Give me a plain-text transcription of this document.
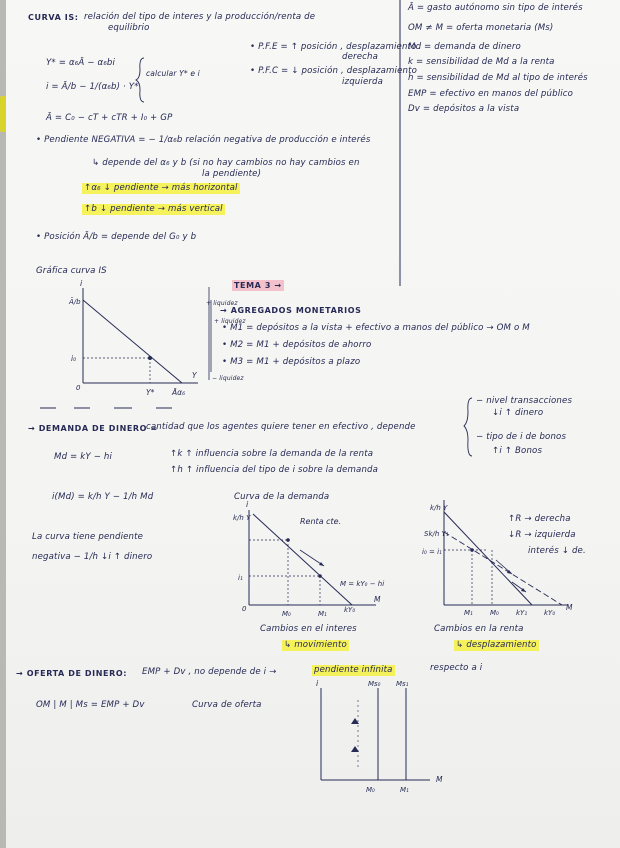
CURVA IS: relación del tipo de interes y la producción/renta de
equilibrio
Y* = α₆Ā − α₆bi
i = Ā/b − 1/(α₆b) · Y*
calcular Y* e i
• P.F.E = ↑ posición , desplazamiento
derecha
• P.F.C = ↓ posición , desplazamiento
izquierda
Ā = C₀ − cT + cTR + I₀ + GP
• Pendiente NEGATIVA = − 1/α₆b relación negativa de producción e interés
↳ depende del α₆ y b (si no hay cambios no hay cambios en
la pendiente)
↑α₆ ↓ pendiente → más horizontal
↑b ↓ pendiente → más vertical
• Posición Ā/b = depende del G₀ y b
Gráfica curva IS
i
Ā/b
i₀
0	Y* Āα₆
Y
Ā = gasto autónomo sin tipo de interés
OM ≠ M = oferta monetaria (Ms)
Md = demanda de dinero
k = sensibilidad de Md a la renta
h = sensibilidad de Md al tipo de interés
EMP = efectivo en manos del público
Dv = depósitos a la vista
TEMA 3 →
→ AGREGADOS MONETARIOS
+ liquidez
+ liquidez
• M1 = depósitos a la vista + efectivo a manos del público → OM o M
• M2 = M1 + depósitos de ahorro
• M3 = M1 + depósitos a plazo
− liquidez
→ DEMANDA DE DINERO =
cantidad que los agentes quiere tener en efectivo , depende
− nivel transacciones
↓i ↑ dinero
− tipo de i de bonos
↑i ↑ Bonos
Md = kY − hi	↑k ↑ influencia sobre la demanda de la renta
↑h ↑ influencia del tipo de i sobre la demanda
i(Md) = k/h Y − 1/h Md
La curva tiene pendiente
negativa − 1/h ↓i ↑ dinero
Curva de la demanda
i
k/h Y
i₁
0
M₀	M₁ kY₀
M
M = kY₀ − hi
Renta cte.
Cambios en el interes
↳ movimiento
k/h Y
Sk/h Y₁
i₀ = i₁
M₁ M₀ kY₁ kY₀
M
Cambios en la renta
↳ desplazamiento
↑R → derecha
↓R → izquierda
interés ↓ de.
→ OFERTA DE DINERO: EMP + Dv , no depende de i →	pendiente infinita	respecto a i
OM | M | Ms = EMP + Dv	Curva de oferta
i	Ms₀ Ms₁
M₀	M₁
M
